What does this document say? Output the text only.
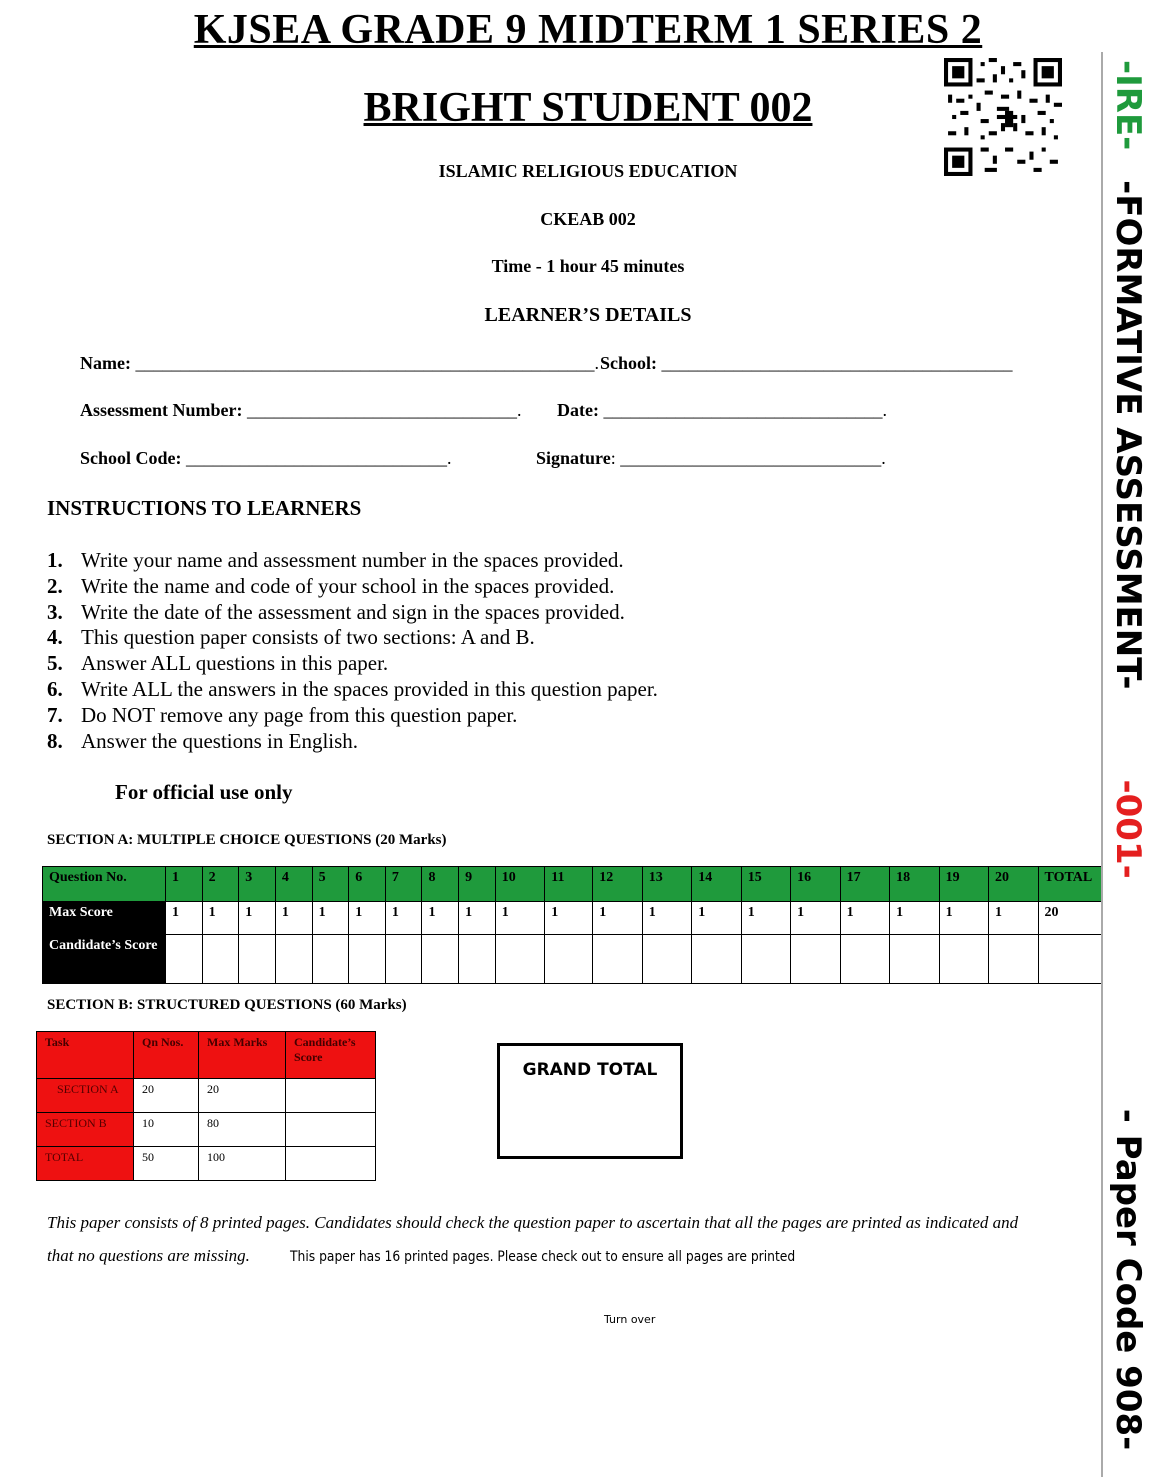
KJSEA GRADE 9 MIDTERM 1 SERIES 2
BRIGHT STUDENT 002
ISLAMIC RELIGIOUS EDUCATION
CKEAB 002
Time - 1 hour 45 minutes
LEARNER’S DETAILS
Name: ___________________________________________________. School: _______________________________________
Assessment Number: ______________________________. Date: _______________________________.
School Code: _____________________________.	Signature: _____________________________.
INSTRUCTIONS TO LEARNERS
1. Write your name and assessment number in the spaces provided.
2. Write the name and code of your school in the spaces provided.
3. Write the date of the assessment and sign in the spaces provided.
4. This question paper consists of two sections: A and B.
5. Answer ALL questions in this paper.
6. Write ALL the answers in the spaces provided in this question paper.
7. Do NOT remove any page from this question paper.
8. Answer the questions in English.
For official use only
SECTION A: MULTIPLE CHOICE QUESTIONS (20 Marks)
Question No.	1	2	3	4	5	6	7	8	9	10	11	12	13	14	15	16	17	18	19	20	TOTAL
Max Score	1	1	1	1	1	1	1	1	1	1	1	1	1	1	1	1	1	1	1	1	20
Candidate’s Score																					
SECTION B: STRUCTURED QUESTIONS (60 Marks)
Task	Qn Nos.	Max Marks	Candidate’s Score
SECTION A	20	20	
SECTION B	10	80	
TOTAL	50	100	
GRAND TOTAL
This paper consists of 8 printed pages. Candidates should check the question paper to ascertain that all the pages are printed as indicated and
that no questions are missing.	This paper has 16 printed pages. Please check out to ensure all pages are printed
Turn over
-IRE- -FORMATIVE ASSESSMENT--001-- Paper Code 908-
